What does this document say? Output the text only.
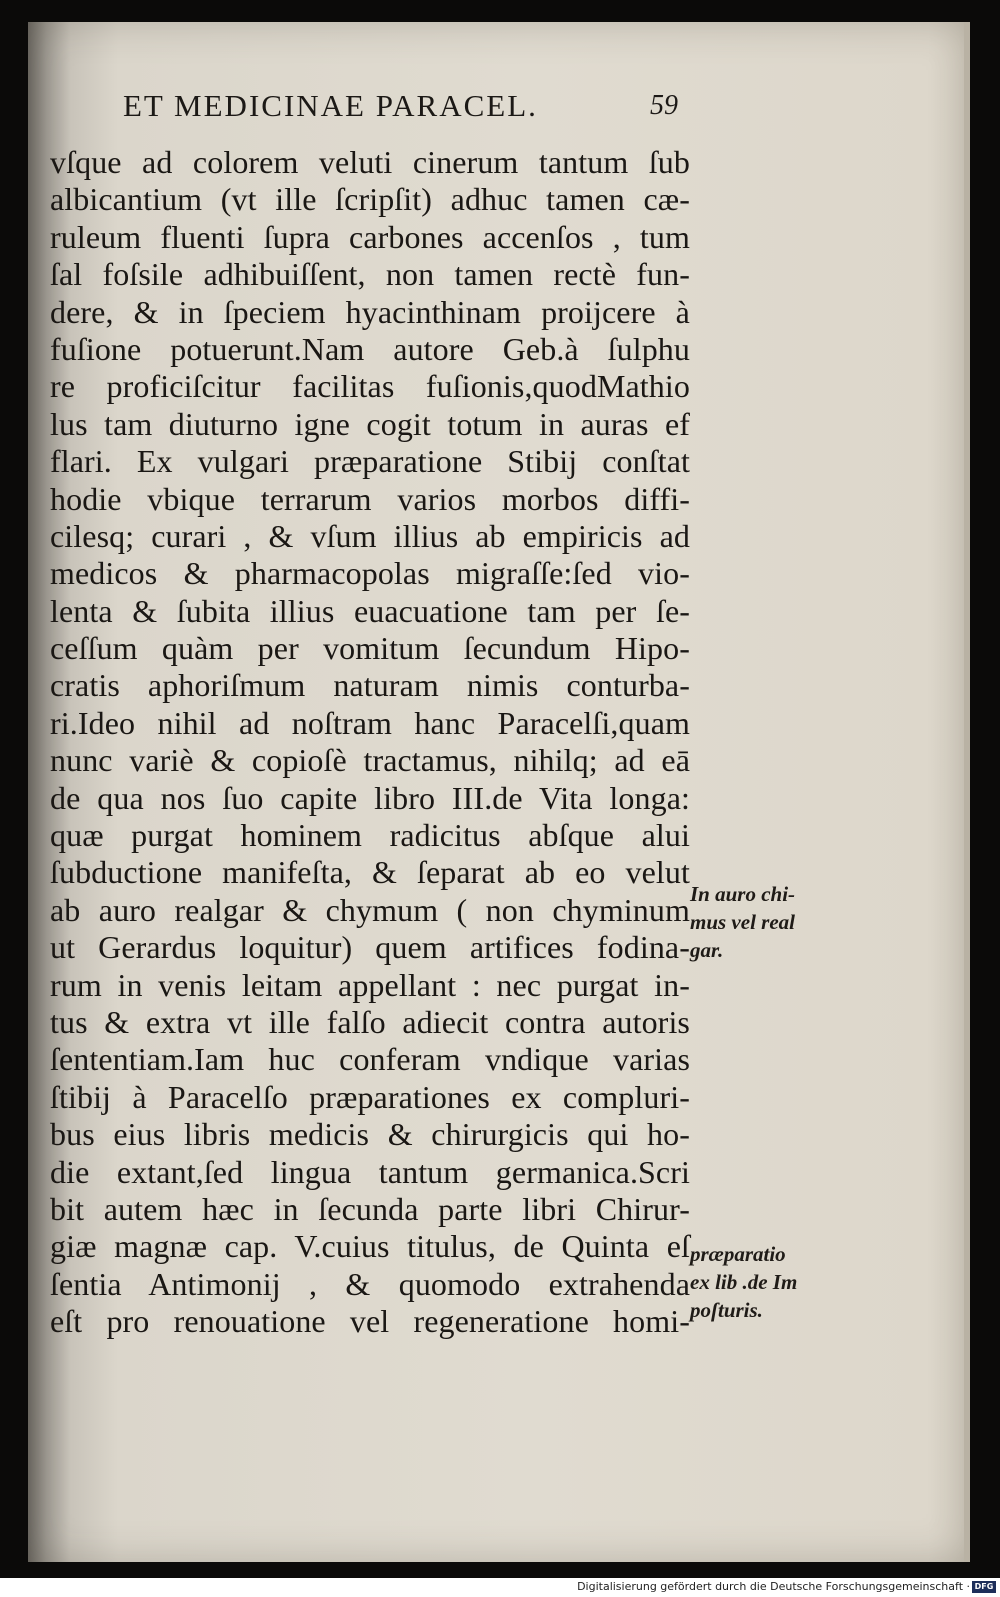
ET MEDICINAE PARACEL.	59
vſque ad colorem veluti cinerum tantum ſub
albicantium (vt ille ſcripſit) adhuc tamen cæ-
ruleum fluenti ſupra carbones accenſos , tum
ſal foſsile adhibuiſſent, non tamen rectè fun-
dere, & in ſpeciem hyacinthinam proijcere à
fuſione potuerunt.Nam autore Geb.à ſulphu
re proficiſcitur facilitas fuſionis,quodMathio
lus tam diuturno igne cogit totum in auras ef
flari. Ex vulgari præparatione Stibij conſtat
hodie vbique terrarum varios morbos diffi-
cilesq; curari , & vſum illius ab empiricis ad
medicos & pharmacopolas migraſſe:ſed vio-
lenta & ſubita illius euacuatione tam per ſe-
ceſſum quàm per vomitum ſecundum Hipo-
cratis aphoriſmum naturam nimis conturba-
ri.Ideo nihil ad noſtram hanc Paracelſi,quam
nunc variè & copioſè tractamus, nihilq; ad eā
de qua nos ſuo capite libro III.de Vita longa:
quæ purgat hominem radicitus abſque alui
ſubductione manifeſta, & ſeparat ab eo velut
ab auro realgar & chymum ( non chyminum
ut Gerardus loquitur) quem artifices fodina-
rum in venis leitam appellant : nec purgat in-
tus & extra vt ille falſo adiecit contra autoris
ſententiam.Iam huc conferam vndique varias
ſtibij à Paracelſo præparationes ex compluri-
bus eius libris medicis & chirurgicis qui ho-
die extant,ſed lingua tantum germanica.Scri
bit autem hæc in ſecunda parte libri Chirur-
giæ magnæ cap. V.cuius titulus, de Quinta eſ
ſentia Antimonij , & quomodo extrahenda
eſt pro renouatione vel regeneratione homi-
In auro chi-
mus vel real
gar.
præparatio
ex lib .de Im
poſturis.
Digitalisierung gefördert durch die Deutsche Forschungsgemeinschaft · DFG
